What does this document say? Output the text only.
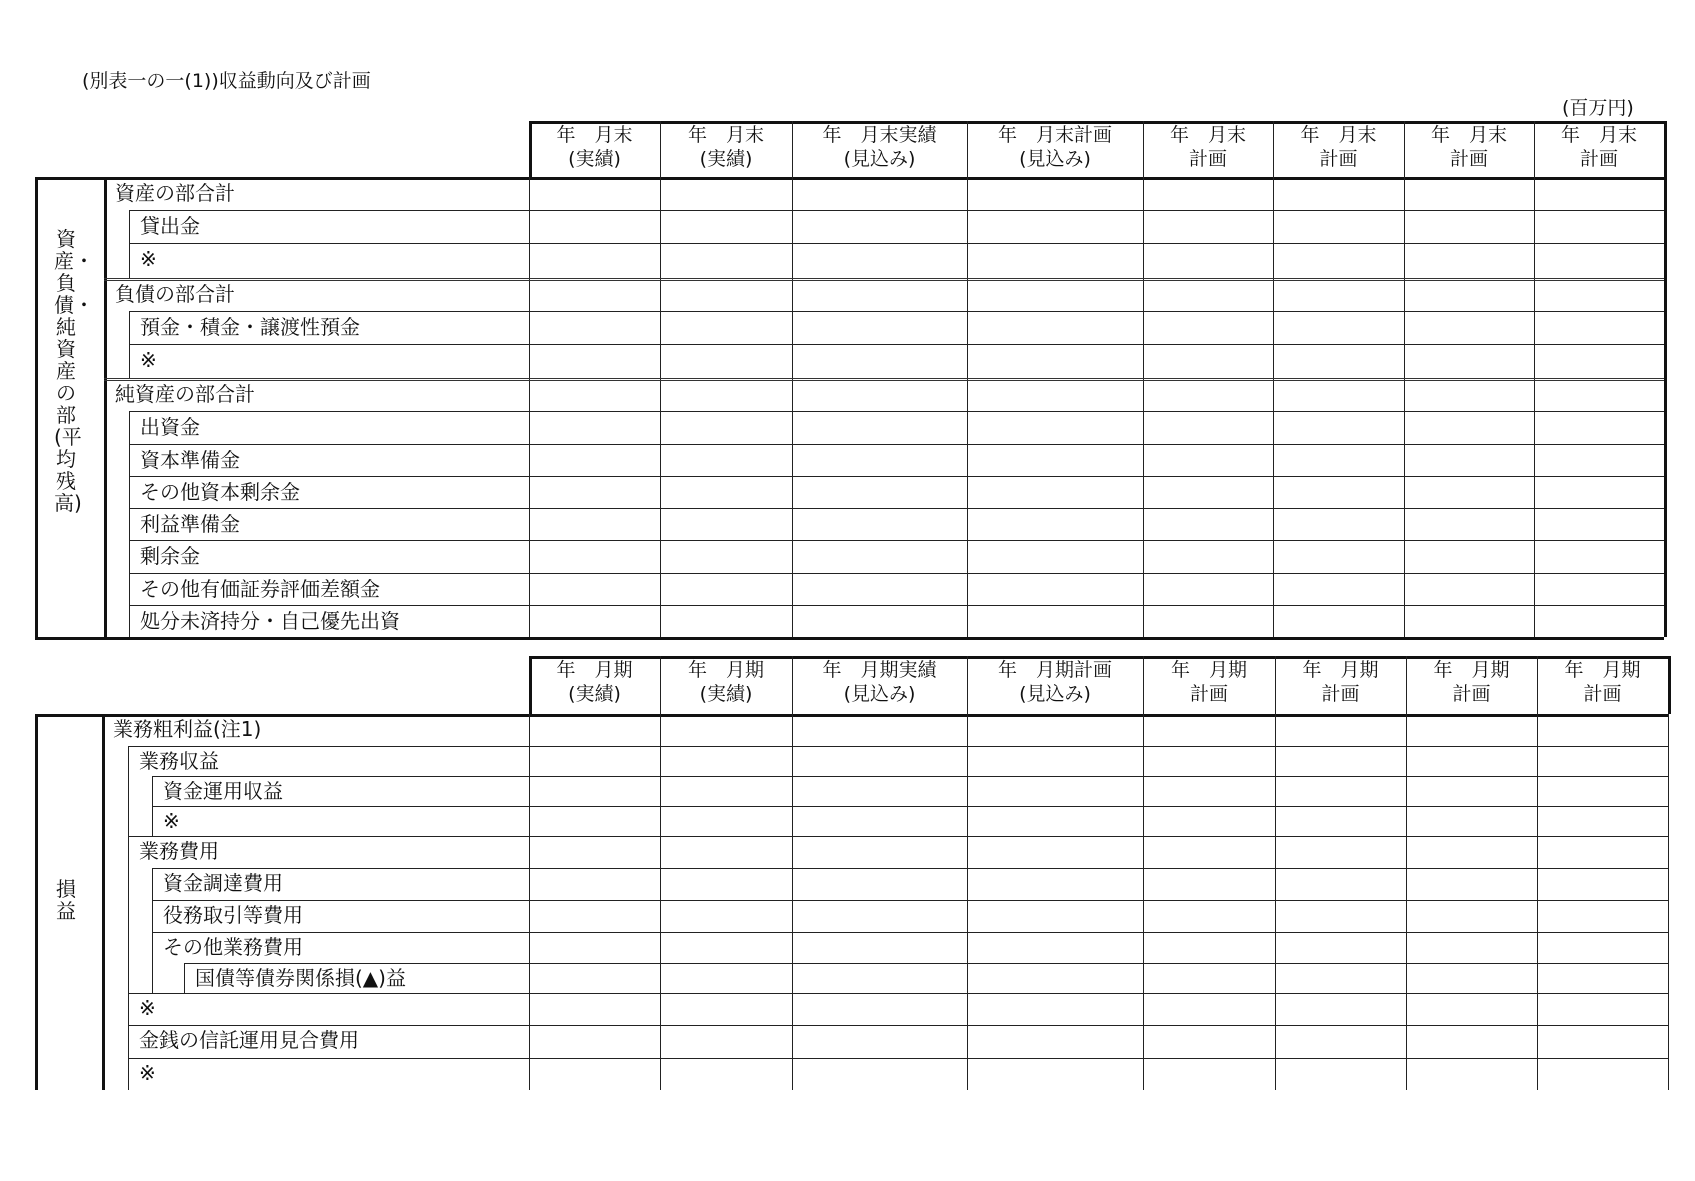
(別表一の一(1))収益動向及び計画
(百万円)
年　月末
(実績)
年　月末
(実績)
年　月末実績
(見込み)
年　月末計画
(見込み)
年　月末
計画
年　月末
計画
年　月末
計画
年　月末
計画
資産の部合計
貸出金
※
負債の部合計
預金・積金・譲渡性預金
※
純資産の部合計
出資金
資本準備金
その他資本剰余金
利益準備金
剰余金
その他有価証券評価差額金
処分未済持分・自己優先出資
資産・負債・純資産の部(平均残高)
年　月期
(実績)
年　月期
(実績)
年　月期実績
(見込み)
年　月期計画
(見込み)
年　月期
計画
年　月期
計画
年　月期
計画
年　月期
計画
業務粗利益(注1)
業務収益
資金運用収益
※
業務費用
資金調達費用
役務取引等費用
その他業務費用
国債等債券関係損(▲)益
※
金銭の信託運用見合費用
※
損益
